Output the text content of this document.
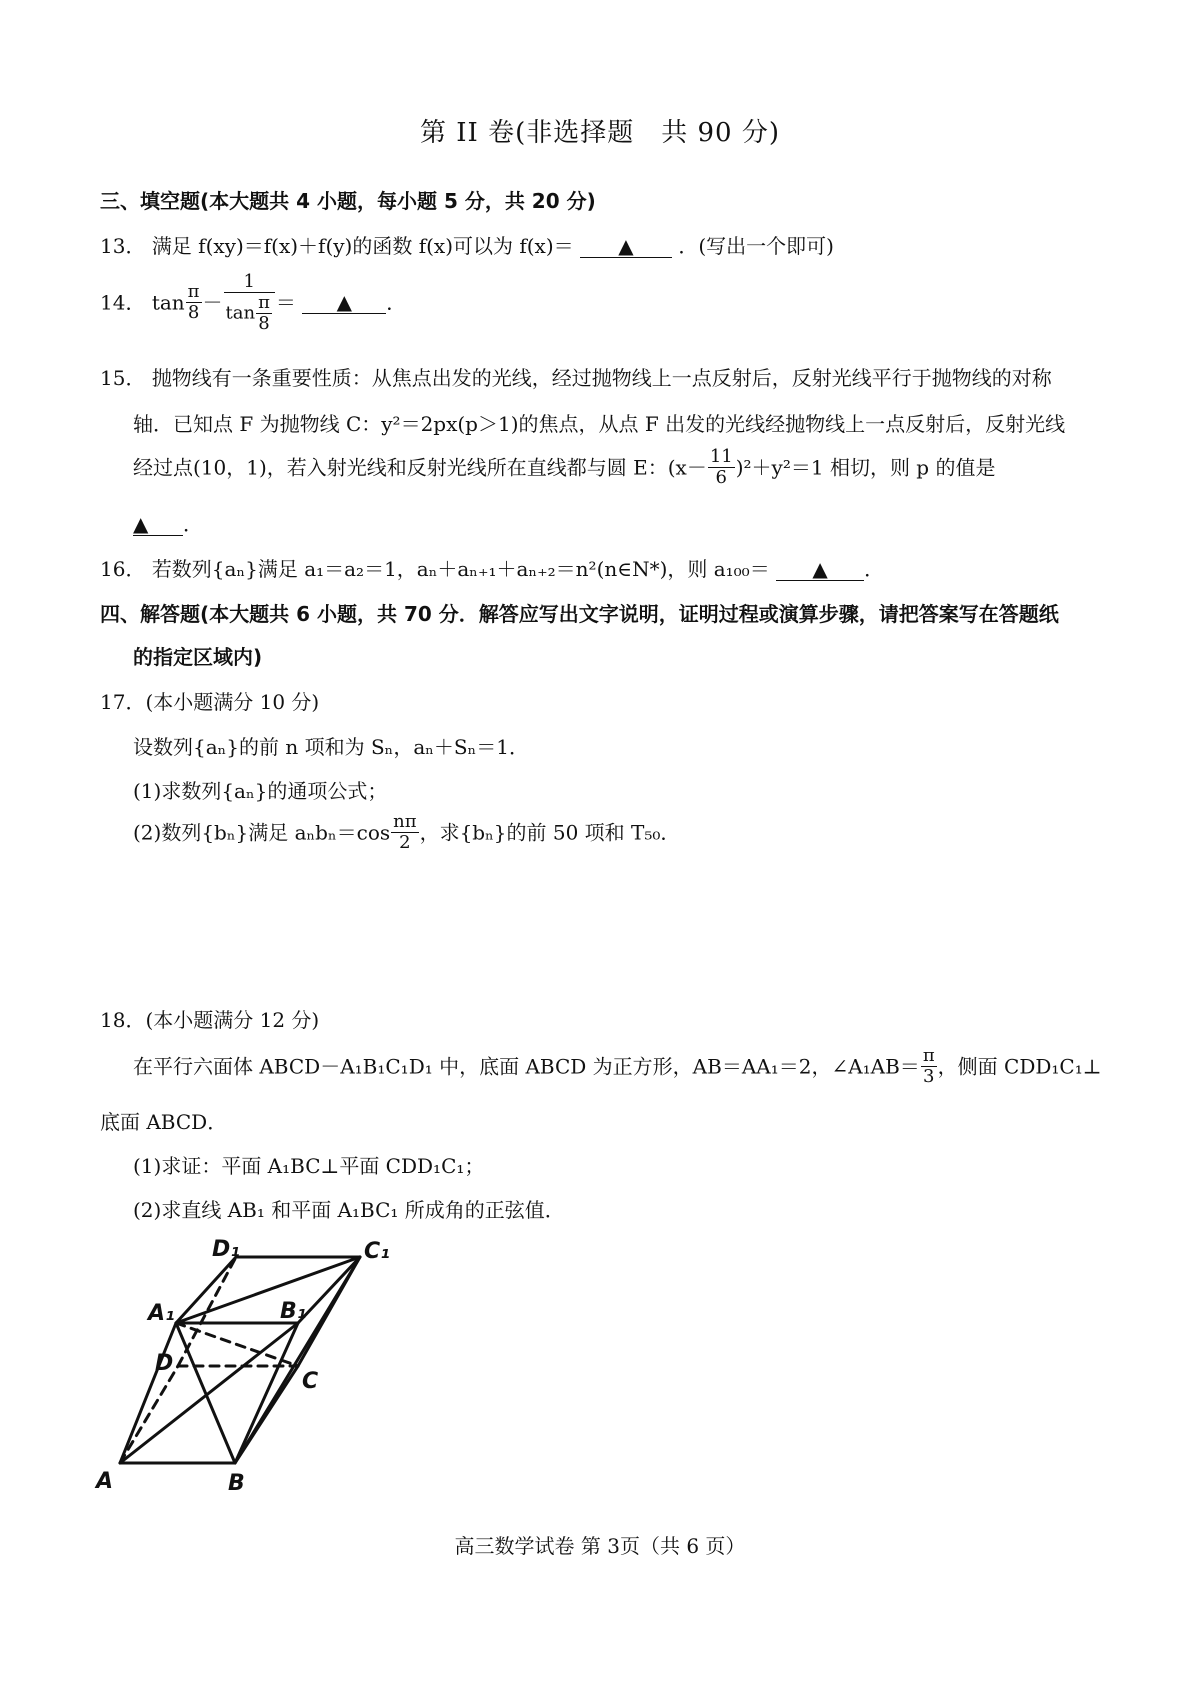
第 II 卷(非选择题　共 90 分)
三、填空题(本大题共 4 小题，每小题 5 分，共 20 分)
13． 满足 f(xy)＝f(x)＋f(y)的函数 f(x)可以为 f(x)＝ ▲ ．(写出一个即可)
14． $\tan \frac{\pi}{8} - \frac{1}{\tan \frac{\pi}{8}}$ ＝ ▲ ．
15． 抛物线有一条重要性质：从焦点出发的光线，经过抛物线上一点反射后，反射光线平行于抛物线的对称
轴．已知点 F 为抛物线 C：y²＝2px(p＞1)的焦点，从点 F 出发的光线经抛物线上一点反射后，反射光线
经过点(10，1)，若入射光线和反射光线所在直线都与圆 E：$(x- \frac{11}{6} )^2+y^2=1$ 相切，则 p 的值是
▲ ．
16． 若数列{aₙ}满足 a₁＝a₂＝1，aₙ＋aₙ₊₁＋aₙ₊₂＝n²(n∈N*)，则 a₁₀₀＝ ▲ ．
四、解答题(本大题共 6 小题，共 70 分．解答应写出文字说明，证明过程或演算步骤，请把答案写在答题纸
的指定区域内)
17．(本小题满分 10 分)
设数列{aₙ}的前 n 项和为 Sₙ，aₙ＋Sₙ＝1．
(1)求数列{aₙ}的通项公式；
(2)数列{bₙ}满足 $a_nb_n=\cos \frac{n\pi}{2}$ ，求{bₙ}的前 50 项和 T₅₀．
18．(本小题满分 12 分)
在平行六面体 ABCD－A₁B₁C₁D₁ 中，底面 ABCD 为正方形，AB＝AA₁＝2，∠A₁AB＝ $\frac{\pi}{3}$ ，侧面 CDD₁C₁⊥
底面 ABCD．
(1)求证：平面 A₁BC⊥平面 CDD₁C₁；
(2)求直线 AB₁ 和平面 A₁BC₁ 所成角的正弦值．
D₁	C₁
A₁	B₁
D
C
A	B
高三数学试卷 第 3页（共 6 页）
